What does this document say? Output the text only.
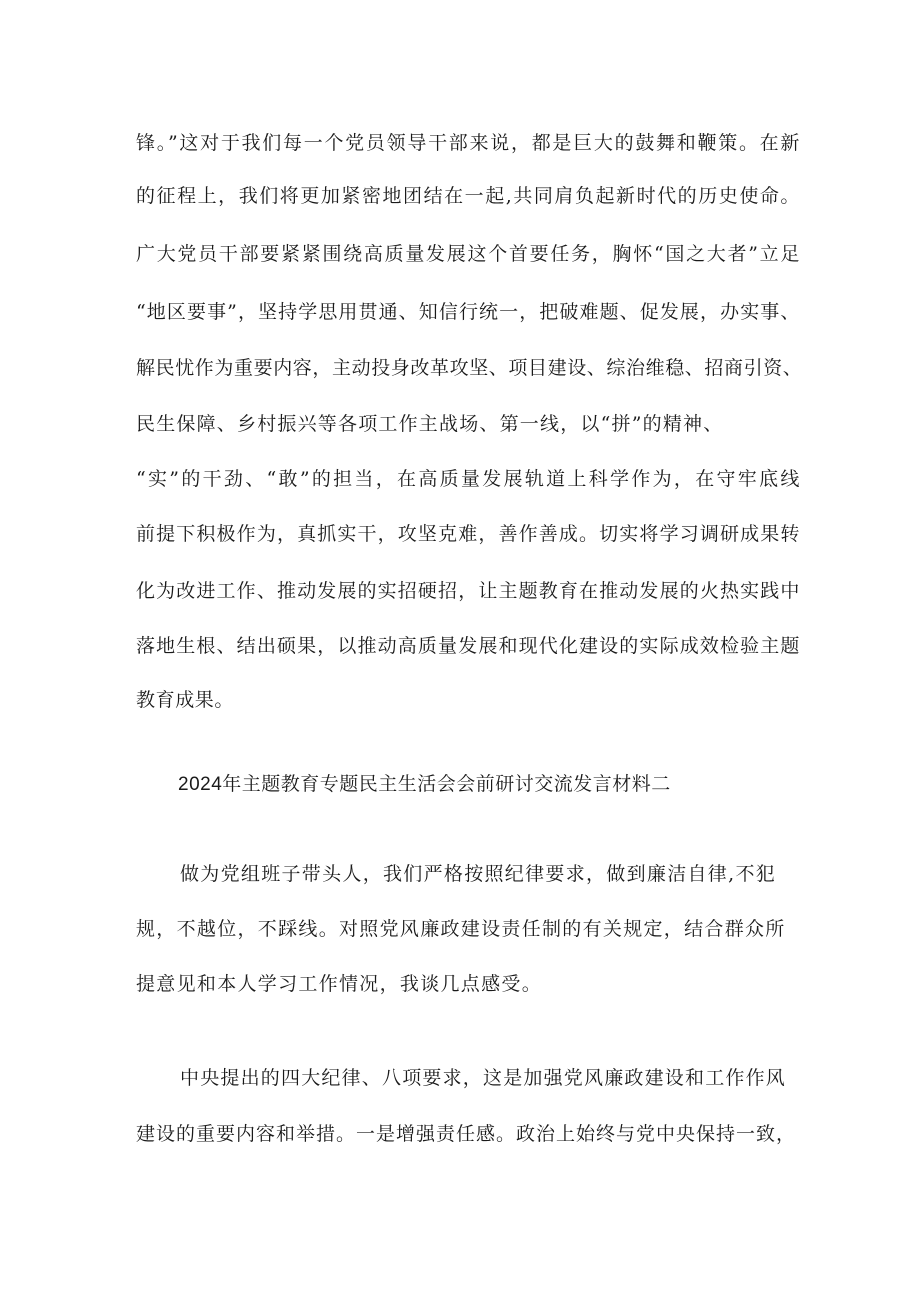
锋。”这对于我们每一个党员领导干部来说，都是巨大的鼓舞和鞭策。在新
的征程上，我们将更加紧密地团结在一起,共同肩负起新时代的历史使命。
广大党员干部要紧紧围绕高质量发展这个首要任务，胸怀“国之大者”立足
“地区要事”，坚持学思用贯通、知信行统一，把破难题、促发展，办实事、
解民忧作为重要内容，主动投身改革攻坚、项目建设、综治维稳、招商引资、
民生保障、乡村振兴等各项工作主战场、第一线，以“拼”的精神、
“实”的干劲、“敢”的担当，在高质量发展轨道上科学作为，在守牢底线
前提下积极作为，真抓实干，攻坚克难，善作善成。切实将学习调研成果转
化为改进工作、推动发展的实招硬招，让主题教育在推动发展的火热实践中
落地生根、结出硕果，以推动高质量发展和现代化建设的实际成效检验主题
教育成果。
2024年主题教育专题民主生活会会前研讨交流发言材料二
做为党组班子带头人，我们严格按照纪律要求，做到廉洁自律,不犯
规，不越位，不踩线。对照党风廉政建设责任制的有关规定，结合群众所
提意见和本人学习工作情况，我谈几点感受。
中央提出的四大纪律、八项要求，这是加强党风廉政建设和工作作风
建设的重要内容和举措。一是增强责任感。政治上始终与党中央保持一致，
